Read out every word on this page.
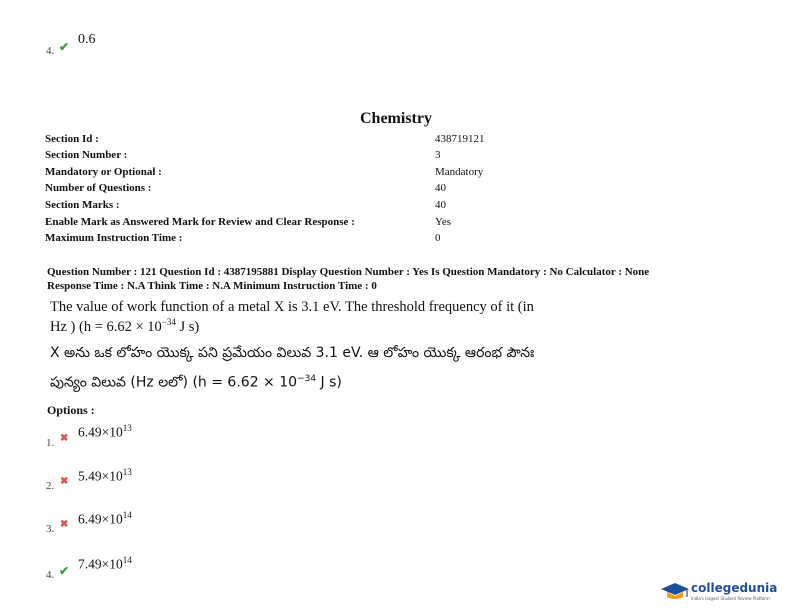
4. ✔ 0.6
Chemistry
Section Id :	438719121
Section Number :	3
Mandatory or Optional :	Mandatory
Number of Questions :	40
Section Marks :	40
Enable Mark as Answered Mark for Review and Clear Response :	Yes
Maximum Instruction Time :	0
Question Number : 121 Question Id : 4387195881 Display Question Number : Yes Is Question Mandatory : No Calculator : None
Response Time : N.A Think Time : N.A Minimum Instruction Time : 0
The value of work function of a metal X is 3.1 eV. The threshold frequency of it (in
Hz ) ($h = 6.62 \times 10^{-34}$ J s)
X అను ఒక లోహం యొక్క పని ప్రమేయం విలువ 3.1 eV. ఆ లోహం యొక్క ఆరంభ పౌనః
పున్యం విలువ (Hz లలో) ($h = 6.62 \times 10^{-34}$ J s)
Options :
1. ✖ $6.49\times 10^{13}$
2. ✖ $5.49\times 10^{13}$
3. ✖ $6.49\times 10^{14}$
4. ✔ $7.49\times 10^{14}$
collegedunia
India's largest Student Review Platform
